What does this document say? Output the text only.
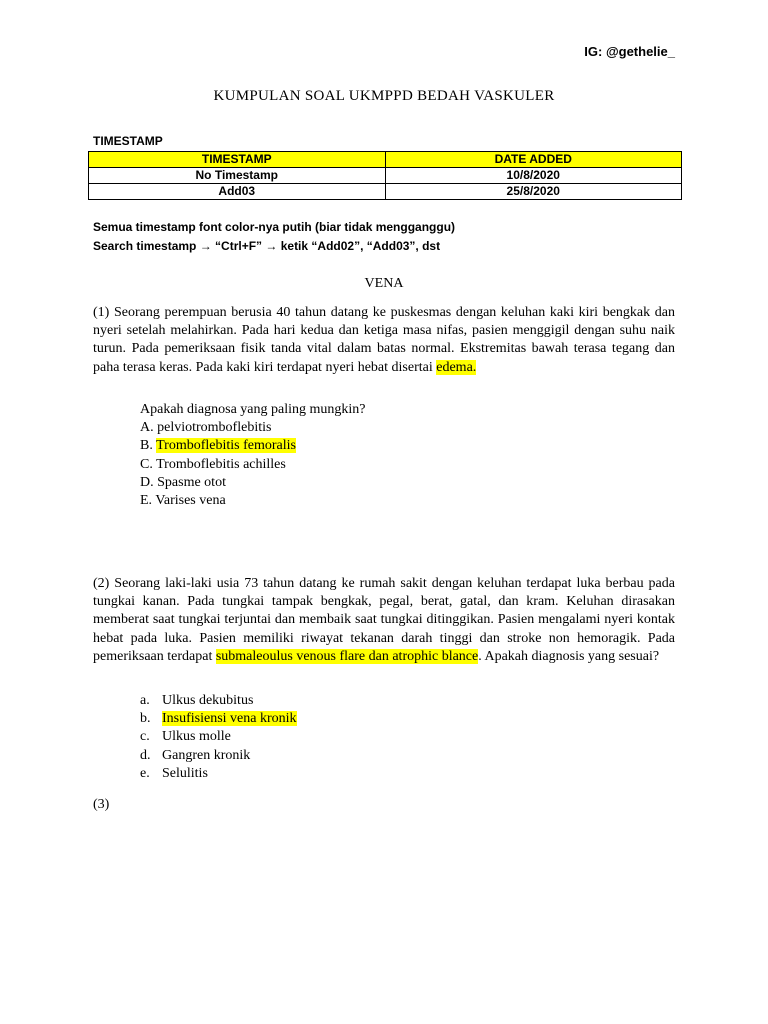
IG: @gethelie_
KUMPULAN SOAL UKMPPD BEDAH VASKULER
TIMESTAMP
TIMESTAMP	DATE ADDED
No Timestamp	10/8/2020
Add03	25/8/2020
Semua timestamp font color-nya putih (biar tidak mengganggu)
Search timestamp → “Ctrl+F” → ketik “Add02”, “Add03”, dst
VENA
(1) Seorang perempuan berusia 40 tahun datang ke puskesmas dengan keluhan kaki kiri bengkak dan nyeri setelah melahirkan. Pada hari kedua dan ketiga masa nifas, pasien menggigil dengan suhu naik turun. Pada pemeriksaan fisik tanda vital dalam batas normal. Ekstremitas bawah terasa tegang dan paha terasa keras. Pada kaki kiri terdapat nyeri hebat disertai edema.
Apakah diagnosa yang paling mungkin?
A. pelviotromboflebitis
B. Tromboflebitis femoralis
C. Tromboflebitis achilles
D. Spasme otot
E. Varises vena
(2) Seorang laki-laki usia 73 tahun datang ke rumah sakit dengan keluhan terdapat luka berbau pada tungkai kanan. Pada tungkai tampak bengkak, pegal, berat, gatal, dan kram. Keluhan dirasakan memberat saat tungkai terjuntai dan membaik saat tungkai ditinggikan. Pasien mengalami nyeri kontak hebat pada luka. Pasien memiliki riwayat tekanan darah tinggi dan stroke non hemoragik. Pada pemeriksaan terdapat submaleoulus venous flare dan atrophic blance. Apakah diagnosis yang sesuai?
a. Ulkus dekubitus
b. Insufisiensi vena kronik
c. Ulkus molle
d. Gangren kronik
e. Selulitis
(3)
